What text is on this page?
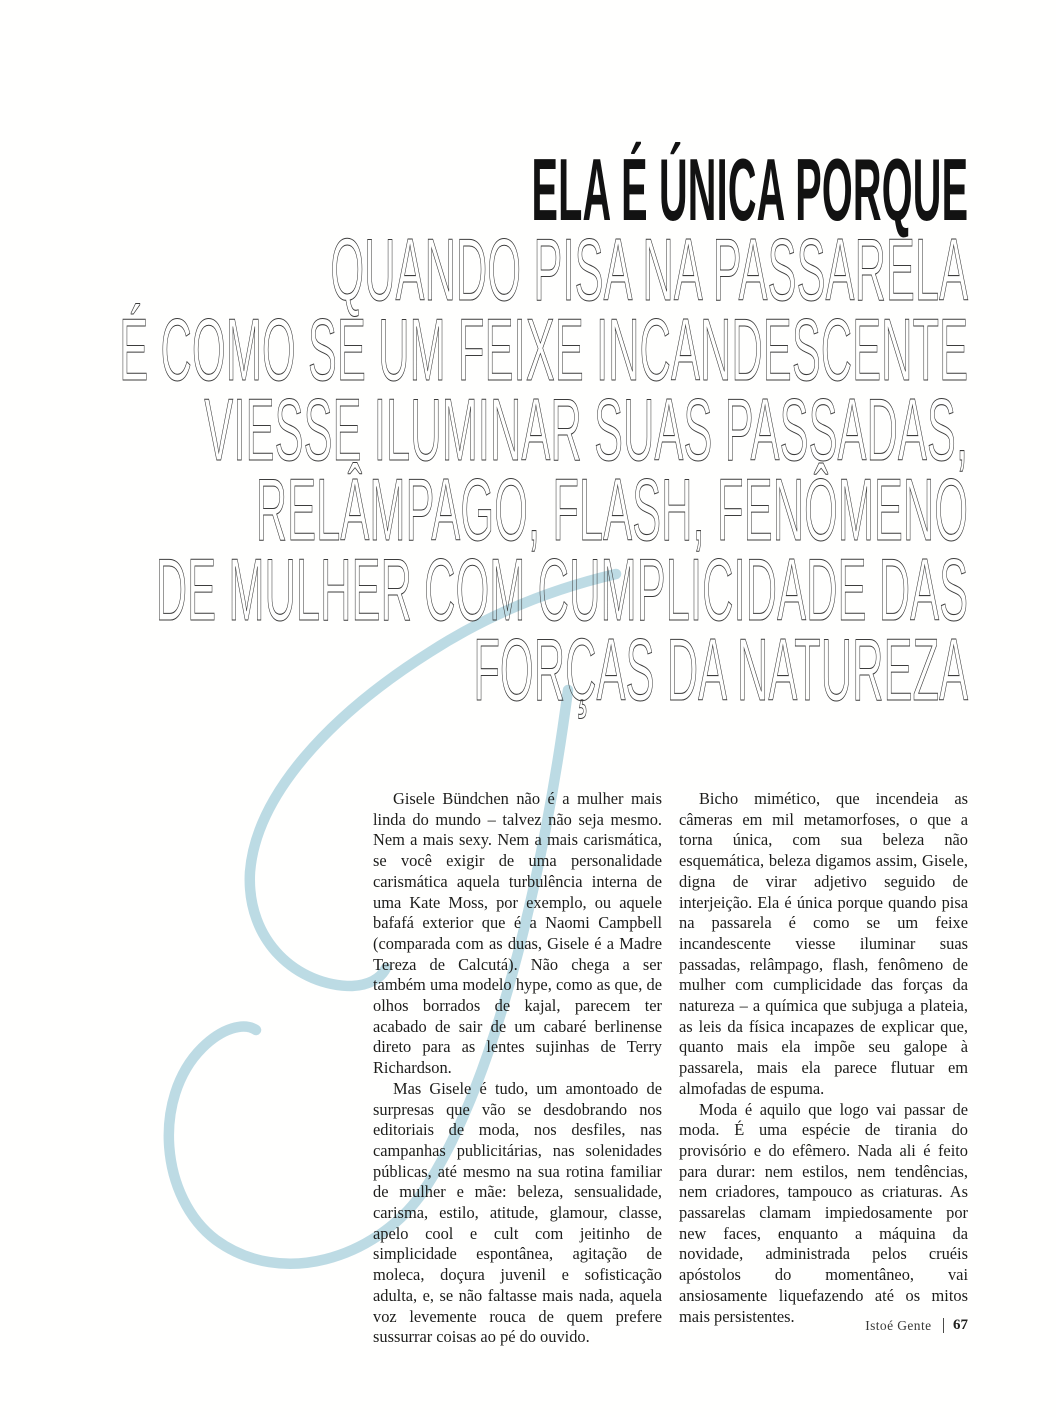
ELA É ÚNICA PORQUE
QUANDO PISA NA PASSARELA
É COMO SE UM FEIXE INCANDESCENTE
VIESSE ILUMINAR SUAS PASSADAS,
RELÂMPAGO, FLASH, FENÔMENO
DE MULHER COM CUMPLICIDADE DAS
FORÇAS DA NATUREZA

Gisele Bündchen não é a mulher mais linda do mundo – talvez não seja mesmo. Nem a mais sexy. Nem a mais carismática, se você exigir de uma personalidade carismática aquela turbulência interna de uma Kate Moss, por exemplo, ou aquele bafafá exterior que é a Naomi Campbell (comparada com as duas, Gisele é a Madre Tereza de Calcutá). Não chega a ser também uma modelo hype, como as que, de olhos borrados de kajal, parecem ter acabado de sair de um cabaré berlinense direto para as lentes sujinhas de Terry Richardson.

Mas Gisele é tudo, um amontoado de surpresas que vão se desdobrando nos editoriais de moda, nos desfiles, nas campanhas publicitárias, nas solenidades públicas, até mesmo na sua rotina familiar de mulher e mãe: beleza, sensualidade, carisma, estilo, atitude, glamour, classe, apelo cool e cult com jeitinho de simplicidade espontânea, agitação de moleca, doçura juvenil e sofisticação adulta, e, se não faltasse mais nada, aquela voz levemente rouca de quem prefere sussurrar coisas ao pé do ouvido.

Bicho mimético, que incendeia as câmeras em mil metamorfoses, o que a torna única, com sua beleza não esquemática, beleza digamos assim, Gisele, digna de virar adjetivo seguido de interjeição. Ela é única porque quando pisa na passarela é como se um feixe incandescente viesse iluminar suas passadas, relâmpago, flash, fenômeno de mulher com cumplicidade das forças da natureza – a química que subjuga a plateia, as leis da física incapazes de explicar que, quanto mais ela impõe seu galope à passarela, mais ela parece flutuar em almofadas de espuma.

Moda é aquilo que logo vai passar de moda. É uma espécie de tirania do provisório e do efêmero. Nada ali é feito para durar: nem estilos, nem tendências, nem criadores, tampouco as criaturas. As passarelas clamam impiedosamente por new faces, enquanto a máquina da novidade, administrada pelos cruéis apóstolos do momentâneo, vai ansiosamente liquefazendo até os mitos mais persistentes.	Istoé Gente 67
